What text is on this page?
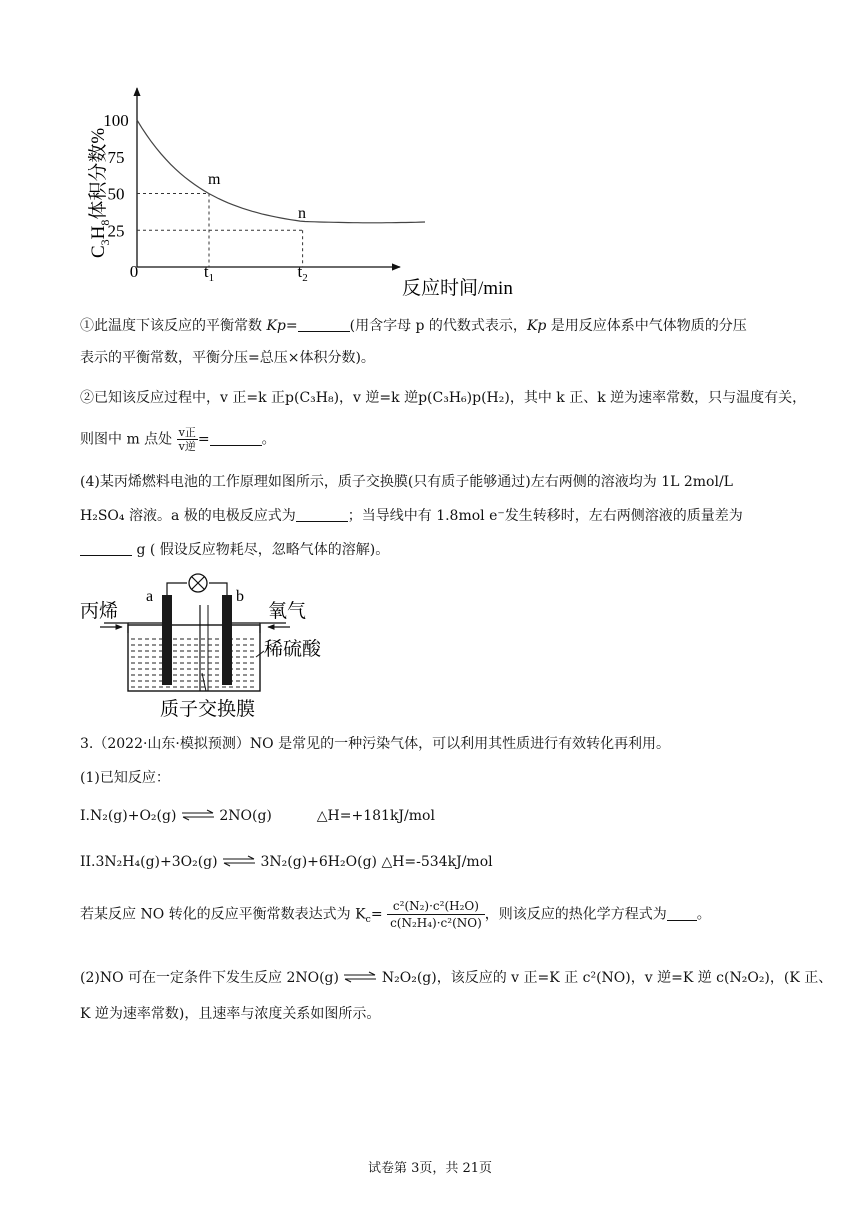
100
75
50
25
0	$t_1$	$t_2$
m
n
反应时间/min
$C_3H_8$体积分数%
①此温度下该反应的平衡常数 Kp=	(用含字母 p 的代数式表示，Kp 是用反应体系中气体物质的分压
表示的平衡常数，平衡分压=总压×体积分数)。
②已知该反应过程中，v 正=k 正p(C₃H₈)，v 逆=k 逆p(C₃H₆)p(H₂)，其中 k 正、k 逆为速率常数，只与温度有关，
则图中 m 点处 $\frac{\text{v正}}{\text{v逆}}$ =	。
(4)某丙烯燃料电池的工作原理如图所示，质子交换膜(只有质子能够通过)左右两侧的溶液均为 1L 2mol/L
H₂SO₄ 溶液。a 极的电极反应式为	；当导线中有 1.8mol e⁻发生转移时，左右两侧溶液的质量差为
g ( 假设反应物耗尽，忽略气体的溶解)。
丙烯	氧气
a	b
稀硫酸
质子交换膜
3.（2022·山东·模拟预测）NO 是常见的一种污染气体，可以利用其性质进行有效转化再利用。
(1)已知反应：
I.N₂(g)+O₂(g) ⇌ 2NO(g)	△H=+181kJ/mol
II.3N₂H₄(g)+3O₂(g) ⇌ 3N₂(g)+6H₂O(g) △H=-534kJ/mol
若某反应 NO 转化的反应平衡常数表达式为 $K_c= \frac{\text{c²(N₂)·c²(H₂O)}}{\text{c(N₂H₄)·c²(NO)}}$ ，则该反应的热化学方程式为 。
(2)NO 可在一定条件下发生反应 2NO(g) ⇌ N₂O₂(g)，该反应的 v 正=K 正 c²(NO)，v 逆=K 逆 c(N₂O₂)，(K 正、
K 逆为速率常数)，且速率与浓度关系如图所示。
试卷第 3页，共 21页
